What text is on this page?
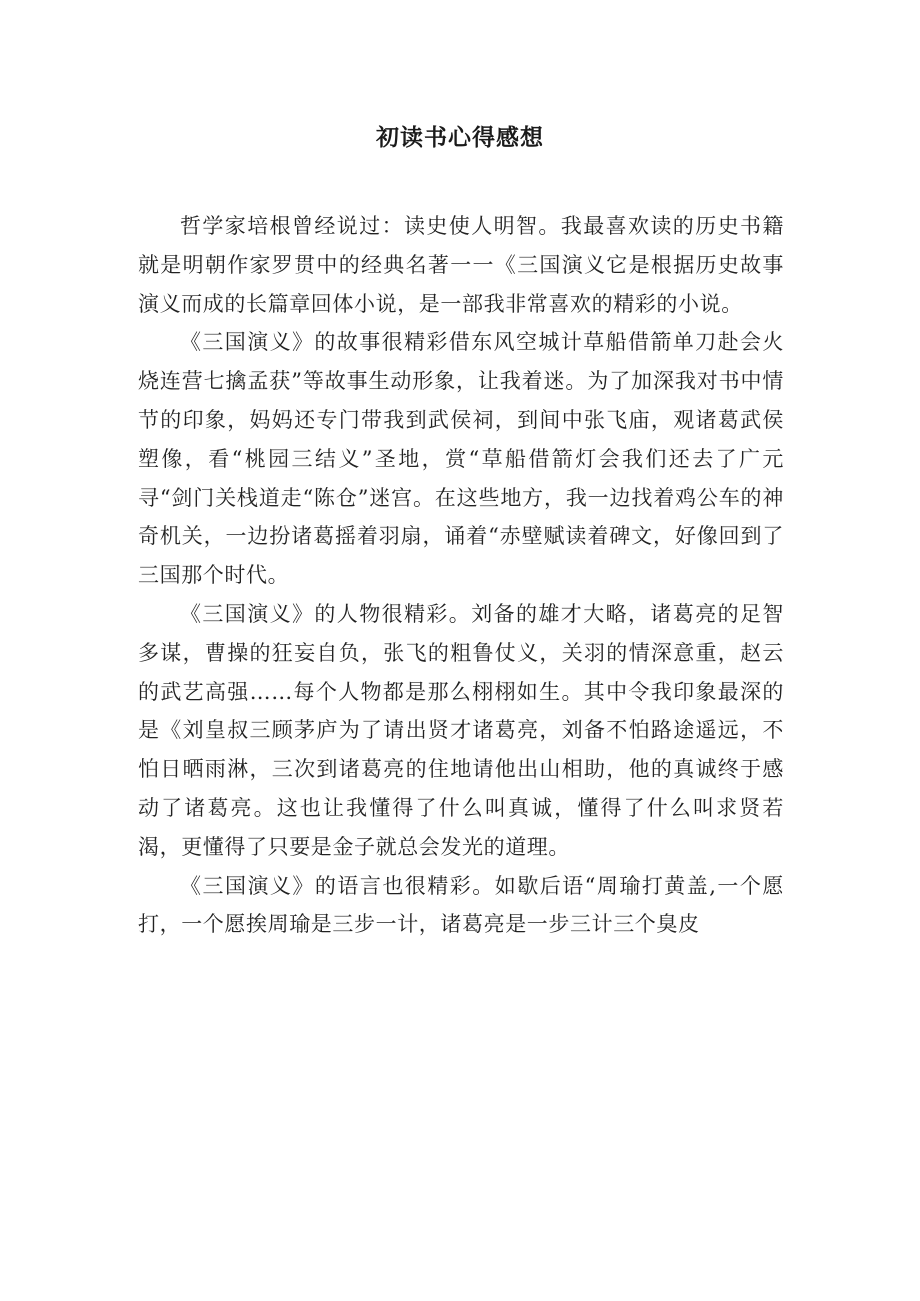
初读书心得感想

哲学家培根曾经说过：读史使人明智。我最喜欢读的历史书籍就是明朝作家罗贯中的经典名著一一《三国演义它是根据历史故事演义而成的长篇章回体小说，是一部我非常喜欢的精彩的小说。

《三国演义》的故事很精彩借东风空城计草船借箭单刀赴会火烧连营七擒孟获”等故事生动形象，让我着迷。为了加深我对书中情节的印象，妈妈还专门带我到武侯祠，到间中张飞庙，观诸葛武侯塑像，看“桃园三结义”圣地，赏“草船借箭灯会我们还去了广元寻“剑门关栈道走“陈仓”迷宫。在这些地方，我一边找着鸡公车的神奇机关，一边扮诸葛摇着羽扇，诵着“赤壁赋读着碑文，好像回到了三国那个时代。

《三国演义》的人物很精彩。刘备的雄才大略，诸葛亮的足智多谋，曹操的狂妄自负，张飞的粗鲁仗义，关羽的情深意重，赵云的武艺高强……每个人物都是那么栩栩如生。其中令我印象最深的是《刘皇叔三顾茅庐为了请出贤才诸葛亮，刘备不怕路途遥远，不怕日晒雨淋，三次到诸葛亮的住地请他出山相助，他的真诚终于感动了诸葛亮。这也让我懂得了什么叫真诚，懂得了什么叫求贤若渴，更懂得了只要是金子就总会发光的道理。

《三国演义》的语言也很精彩。如歇后语“周瑜打黄盖,一个愿打，一个愿挨周瑜是三步一计，诸葛亮是一步三计三个臭皮
